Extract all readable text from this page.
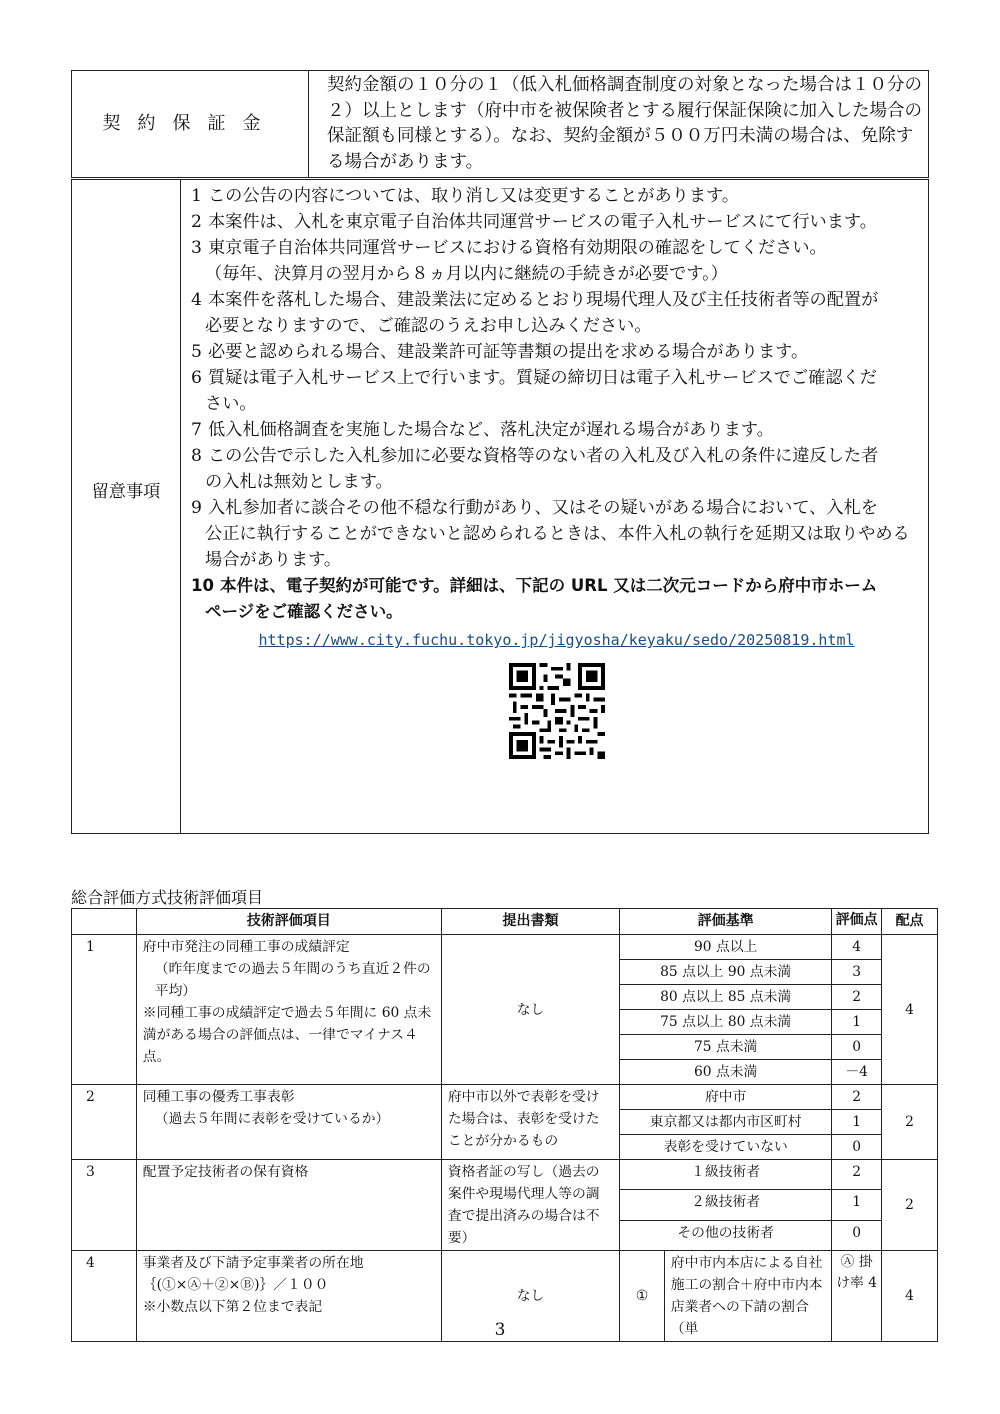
契約保証金	契約金額の１０分の１（低入札価格調査制度の対象となった場合は１０分の２）以上とします（府中市を被保険者とする履行保証保険に加入した場合の保証額も同様とする）。なお、契約金額が５００万円未満の場合は、免除する場合があります。
留意事項	
1 この公告の内容については、取り消し又は変更することがあります。
2 本案件は、入札を東京電子自治体共同運営サービスの電子入札サービスにて行います。
3 東京電子自治体共同運営サービスにおける資格有効期限の確認をしてください。
（毎年、決算月の翌月から８ヵ月以内に継続の手続きが必要です。）
4 本案件を落札した場合、建設業法に定めるとおり現場代理人及び主任技術者等の配置が
必要となりますので、ご確認のうえお申し込みください。
5 必要と認められる場合、建設業許可証等書類の提出を求める場合があります。
6 質疑は電子入札サービス上で行います。質疑の締切日は電子入札サービスでご確認くだ
さい。
7 低入札価格調査を実施した場合など、落札決定が遅れる場合があります。
8 この公告で示した入札参加に必要な資格等のない者の入札及び入札の条件に違反した者
の入札は無効とします。
9 入札参加者に談合その他不穏な行動があり、又はその疑いがある場合において、入札を
公正に執行することができないと認められるときは、本件入札の執行を延期又は取りやめる場合があります。
10 本件は、電子契約が可能です。詳細は、下記の URL 又は二次元コードから府中市ホーム
ページをご確認ください。
https://www.city.fuchu.tokyo.jp/jigyosha/keyaku/sedo/20250819.html
総合評価方式技術評価項目
	技術評価項目	提出書類	評価基準		評価点	配点
1	府中市発注の同種工事の成績評定
（昨年度までの過去５年間のうち直近２件の平均）
※同種工事の成績評定で過去５年間に 60 点未満がある場合の評価点は、一律でマイナス４点。	なし	90 点以上		4	4
			85 点以上 90 点未満		3	
			80 点以上 85 点未満		2	
			75 点以上 80 点未満		1	
			75 点未満		0	
			60 点未満		－4	
2	同種工事の優秀工事表彰
（過去５年間に表彰を受けているか）	府中市以外で表彰を受けた場合は、表彰を受けたことが分かるもの	府中市		2	2
			東京都又は都内市区町村		1	
			表彰を受けていない		0	
3	配置予定技術者の保有資格	資格者証の写し（過去の案件や現場代理人等の調査で提出済みの場合は不要）	１級技術者		2	2
			２級技術者		1	
			その他の技術者		0	
4	事業者及び下請予定事業者の所在地
｛(①×Ⓐ＋②×Ⓑ)｝／１００
※小数点以下第２位まで表記	なし	①	府中市内本店による自社施工の割合＋府中市内本店業者への下請の割合（単	Ⓐ 掛け率 4	4
3
